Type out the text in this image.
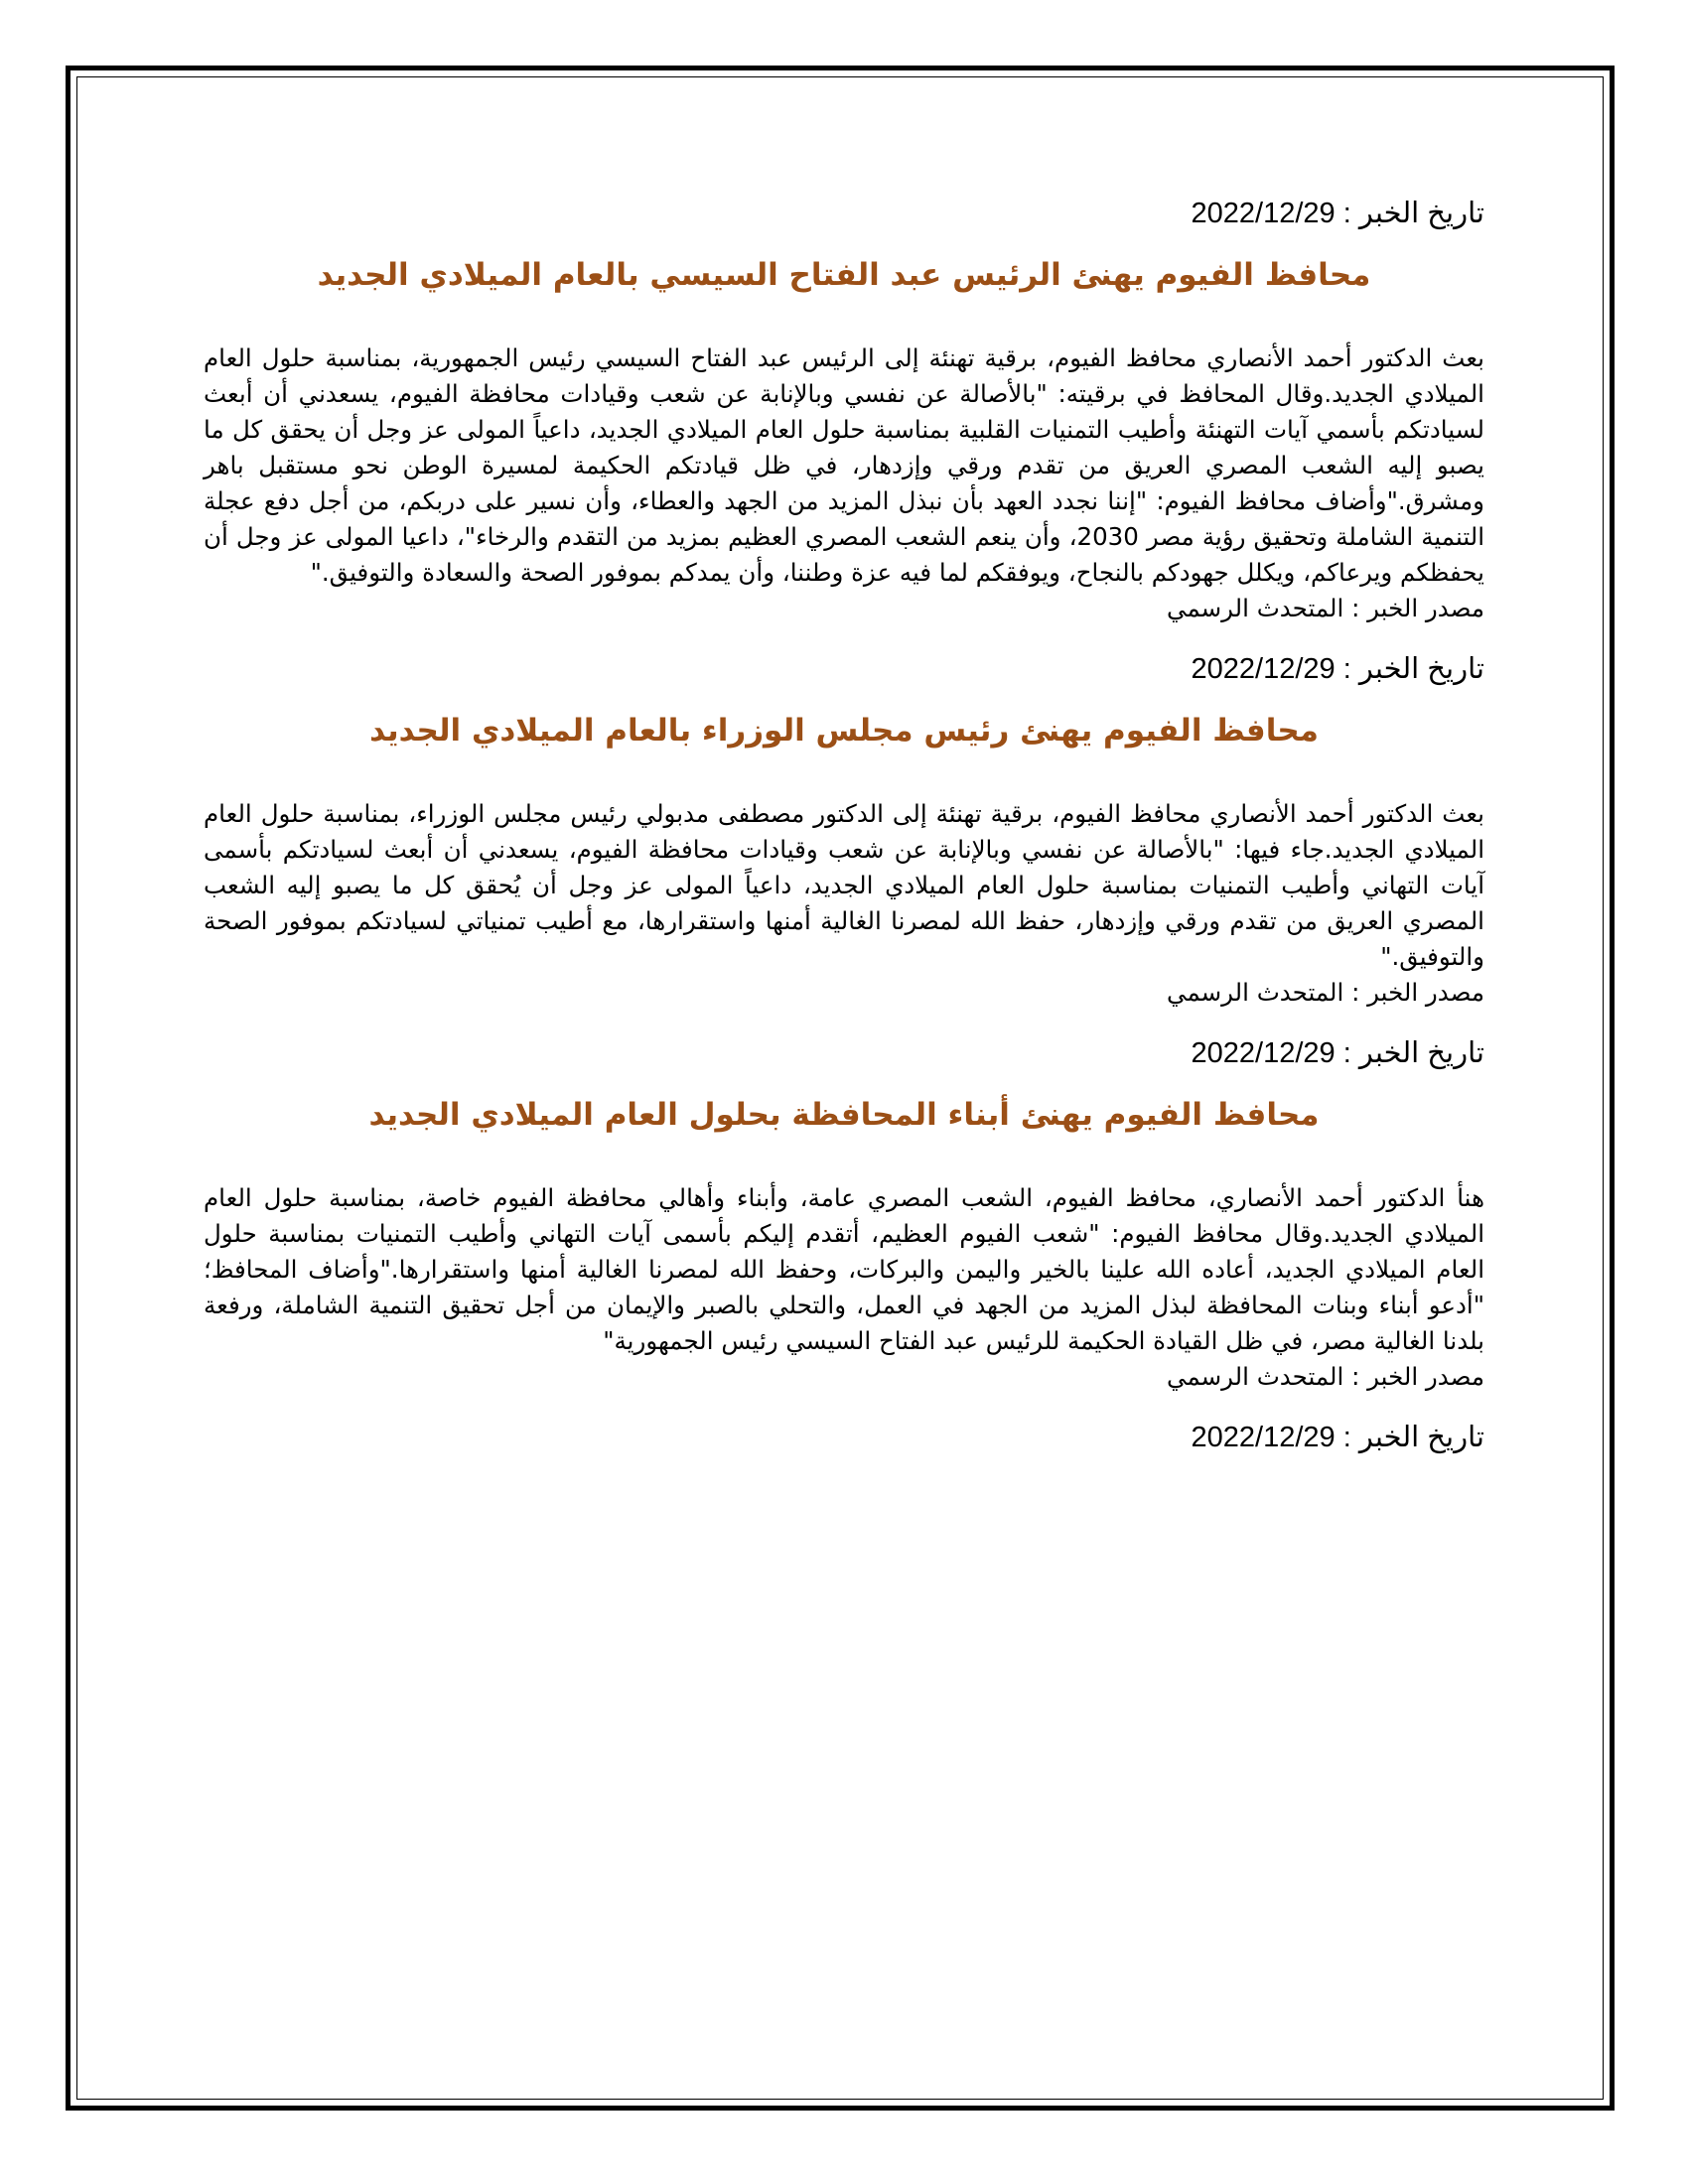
تاريخ الخبر : 2022/12/29

محافظ الفيوم يهنئ الرئيس عبد الفتاح السيسي بالعام الميلادي الجديد

بعث الدكتور أحمد الأنصاري محافظ الفيوم، برقية تهنئة إلى الرئيس عبد الفتاح السيسي رئيس الجمهورية، بمناسبة حلول العام الميلادي الجديد.وقال المحافظ في برقيته: "بالأصالة عن نفسي وبالإنابة عن شعب وقيادات محافظة الفيوم، يسعدني أن أبعث لسيادتكم بأسمي آيات التهنئة وأطيب التمنيات القلبية بمناسبة حلول العام الميلادي الجديد، داعياً المولى عز وجل أن يحقق كل ما يصبو إليه الشعب المصري العريق من تقدم ورقي وإزدهار، في ظل قيادتكم الحكيمة لمسيرة الوطن نحو مستقبل باهر ومشرق."وأضاف محافظ الفيوم: "إننا نجدد العهد بأن نبذل المزيد من الجهد والعطاء، وأن نسير على دربكم، من أجل دفع عجلة التنمية الشاملة وتحقيق رؤية مصر 2030، وأن ينعم الشعب المصري العظيم بمزيد من التقدم والرخاء"، داعيا المولى عز وجل أن يحفظكم ويرعاكم، ويكلل جهودكم بالنجاح، ويوفقكم لما فيه عزة وطننا، وأن يمدكم بموفور الصحة والسعادة والتوفيق."

مصدر الخبر : المتحدث الرسمي

تاريخ الخبر : 2022/12/29

محافظ الفيوم يهنئ رئيس مجلس الوزراء بالعام الميلادي الجديد

بعث الدكتور أحمد الأنصاري محافظ الفيوم، برقية تهنئة إلى الدكتور مصطفى مدبولي رئيس مجلس الوزراء، بمناسبة حلول العام الميلادي الجديد.جاء فيها: "بالأصالة عن نفسي وبالإنابة عن شعب وقيادات محافظة الفيوم، يسعدني أن أبعث لسيادتكم بأسمى آيات التهاني وأطيب التمنيات بمناسبة حلول العام الميلادي الجديد، داعياً المولى عز وجل أن يُحقق كل ما يصبو إليه الشعب المصري العريق من تقدم ورقي وإزدهار، حفظ الله لمصرنا الغالية أمنها واستقرارها، مع أطيب تمنياتي لسيادتكم بموفور الصحة والتوفيق."

مصدر الخبر : المتحدث الرسمي

تاريخ الخبر : 2022/12/29

محافظ الفيوم يهنئ أبناء المحافظة بحلول العام الميلادي الجديد

هنأ الدكتور أحمد الأنصاري، محافظ الفيوم، الشعب المصري عامة، وأبناء وأهالي محافظة الفيوم خاصة، بمناسبة حلول العام الميلادي الجديد.وقال محافظ الفيوم: "شعب الفيوم العظيم، أتقدم إليكم بأسمى آيات التهاني وأطيب التمنيات بمناسبة حلول العام الميلادي الجديد، أعاده الله علينا بالخير واليمن والبركات، وحفظ الله لمصرنا الغالية أمنها واستقرارها."وأضاف المحافظ؛ "أدعو أبناء وبنات المحافظة لبذل المزيد من الجهد في العمل، والتحلي بالصبر والإيمان من أجل تحقيق التنمية الشاملة، ورفعة بلدنا الغالية مصر، في ظل القيادة الحكيمة للرئيس عبد الفتاح السيسي رئيس الجمهورية"

مصدر الخبر : المتحدث الرسمي

تاريخ الخبر : 2022/12/29
